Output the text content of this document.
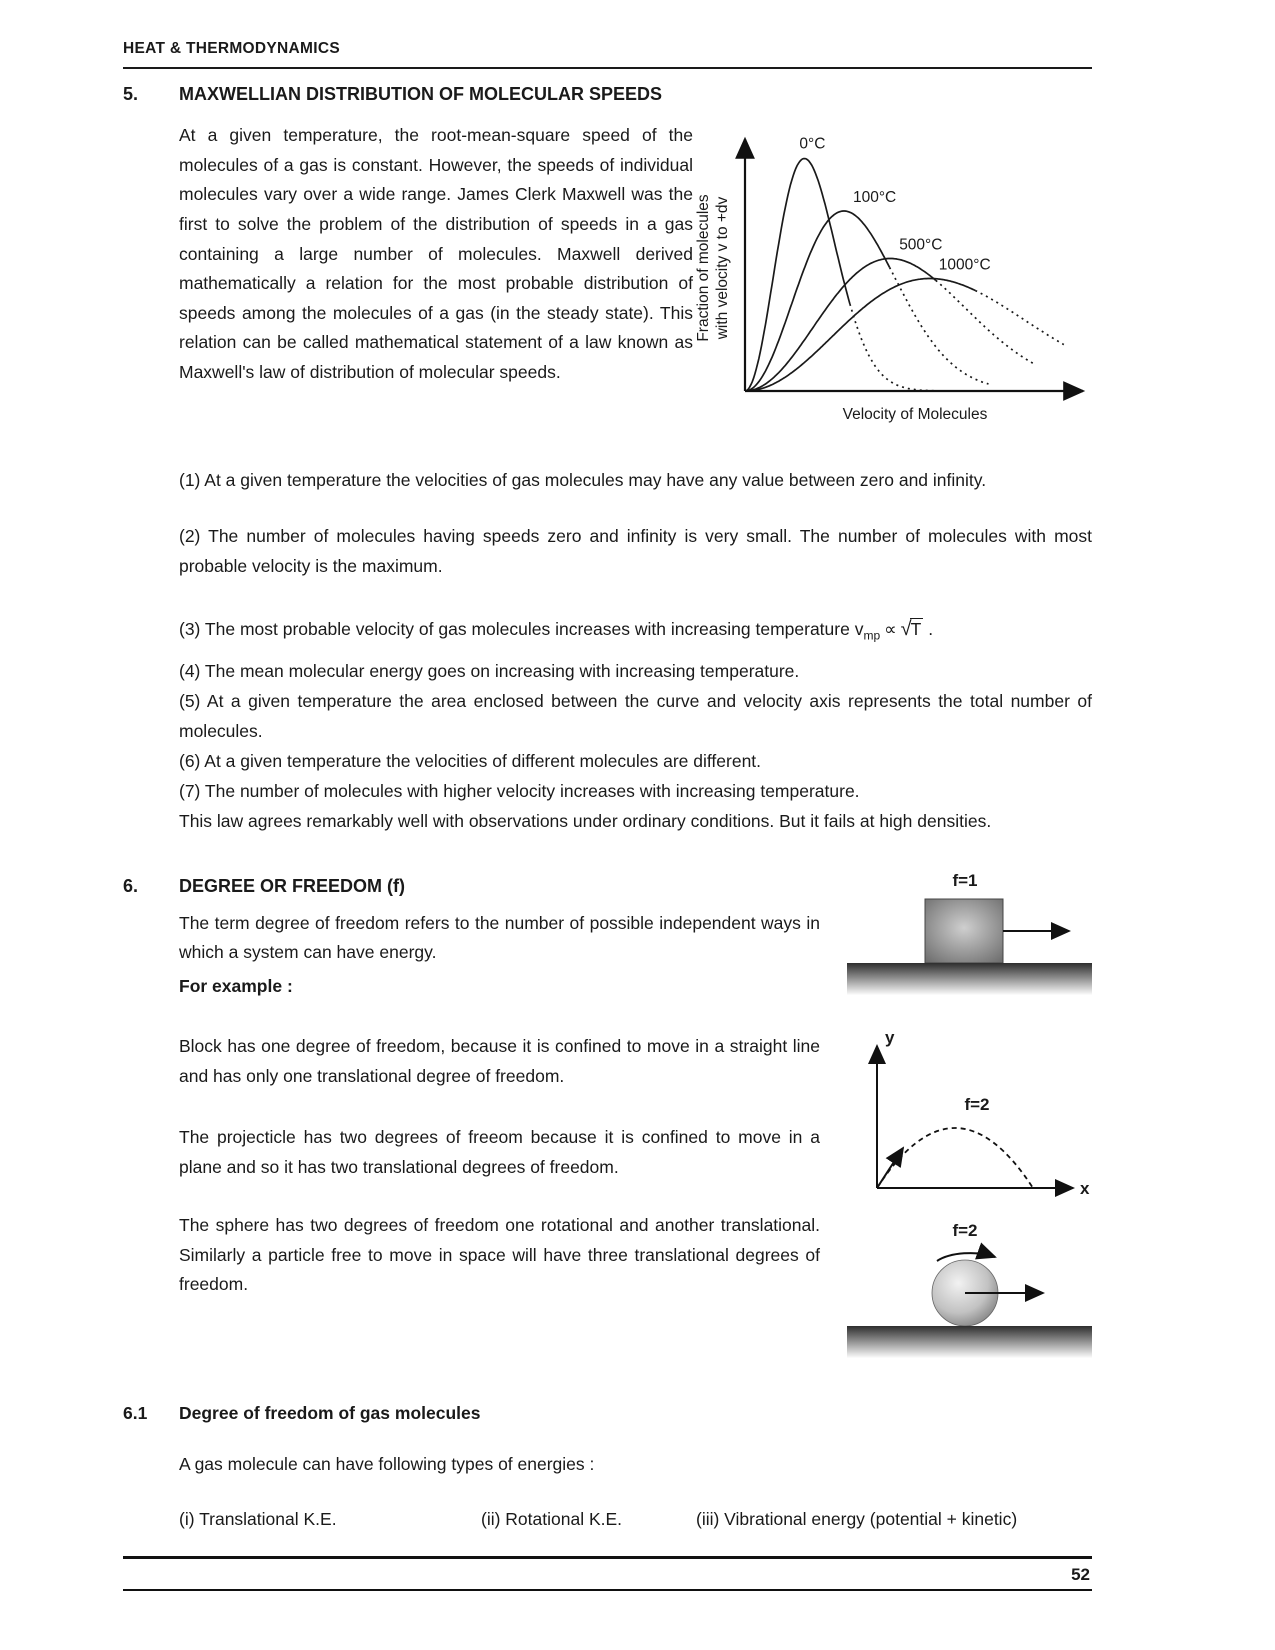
HEAT & THERMODYNAMICS
5.	MAXWELLIAN DISTRIBUTION OF MOLECULAR SPEEDS

At a given temperature, the root-mean-square speed of the molecules of a gas is constant. However, the speeds of individual molecules vary over a wide range. James Clerk Maxwell was the first to solve the problem of the distribution of speeds in a gas containing a large number of molecules. Maxwell derived mathematically a relation for the most probable distribution of speeds among the molecules of a gas (in the steady state). This relation can be called mathematical statement of a law known as Maxwell's law of distribution of molecular speeds.

0°C
100°C
500°C
1000°C
Velocity of Molecules
Fraction of molecules with velocity v to +dv

(1) At a given temperature the velocities of gas molecules may have any value between zero and infinity.

(2) The number of molecules having speeds zero and infinity is very small. The number of molecules with most probable velocity is the maximum.

(3) The most probable velocity of gas molecules increases with increasing temperature $v_{mp} \propto √T$ .

(4) The mean molecular energy goes on increasing with increasing temperature.

(5) At a given temperature the area enclosed between the curve and velocity axis represents the total number of molecules.

(6) At a given temperature the velocities of different molecules are different.

(7) The number of molecules with higher velocity increases with increasing temperature.

This law agrees remarkably well with observations under ordinary conditions. But it fails at high densities.

6.	DEGREE OR FREEDOM (f)

The term degree of freedom refers to the number of possible independent ways in which a system can have energy.

For example :

Block has one degree of freedom, because it is confined to move in a straight line and has only one translational degree of freedom.

The projecticle has two degrees of freeom because it is confined to move in a plane and so it has two translational degrees of freedom.

The sphere has two degrees of freedom one rotational and another translational. Similarly a particle free to move in space will have three translational degrees of freedom.

f=1
y
x
f=2
f=2
6.1	Degree of freedom of gas molecules

A gas molecule can have following types of energies :

(i) Translational K.E.	(ii) Rotational K.E.	(iii) Vibrational energy (potential + kinetic)
52
